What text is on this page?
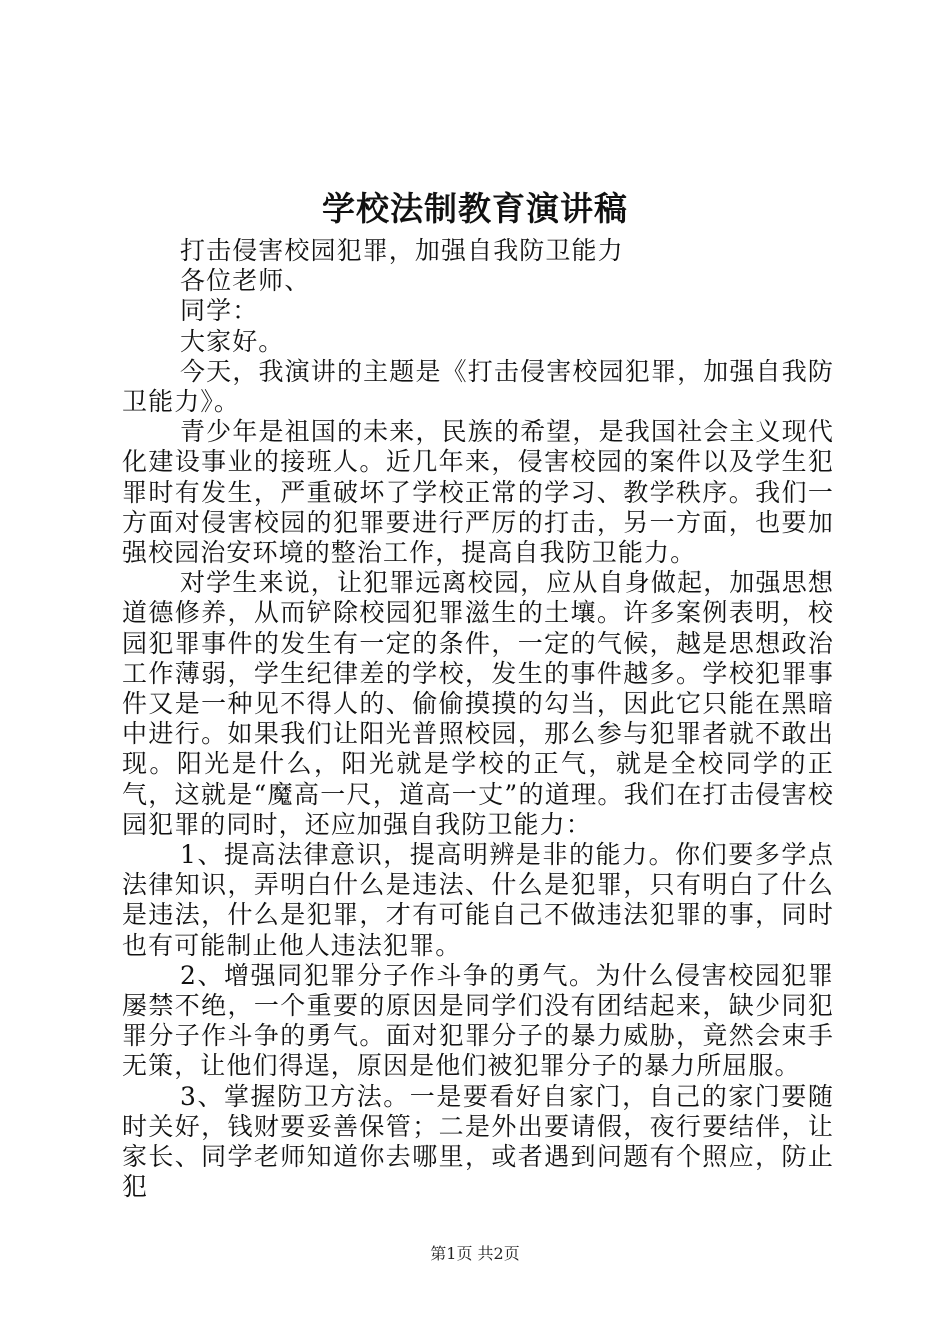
学校法制教育演讲稿

打击侵害校园犯罪，加强自我防卫能力

各位老师、

同学：

大家好。

今天，我演讲的主题是《打击侵害校园犯罪，加强自我防卫能力》。

青少年是祖国的未来，民族的希望，是我国社会主义现代化建设事业的接班人。近几年来，侵害校园的案件以及学生犯罪时有发生，严重破坏了学校正常的学习、教学秩序。我们一方面对侵害校园的犯罪要进行严厉的打击，另一方面，也要加强校园治安环境的整治工作，提高自我防卫能力。

对学生来说，让犯罪远离校园，应从自身做起，加强思想道德修养，从而铲除校园犯罪滋生的土壤。许多案例表明，校园犯罪事件的发生有一定的条件，一定的气候，越是思想政治工作薄弱，学生纪律差的学校，发生的事件越多。学校犯罪事件又是一种见不得人的、偷偷摸摸的勾当，因此它只能在黑暗中进行。如果我们让阳光普照校园，那么参与犯罪者就不敢出现。阳光是什么，阳光就是学校的正气，就是全校同学的正气，这就是“魔高一尺，道高一丈”的道理。我们在打击侵害校园犯罪的同时，还应加强自我防卫能力：

1、提高法律意识，提高明辨是非的能力。你们要多学点法律知识，弄明白什么是违法、什么是犯罪，只有明白了什么是违法，什么是犯罪，才有可能自己不做违法犯罪的事，同时也有可能制止他人违法犯罪。

2、增强同犯罪分子作斗争的勇气。为什么侵害校园犯罪屡禁不绝，一个重要的原因是同学们没有团结起来，缺少同犯罪分子作斗争的勇气。面对犯罪分子的暴力威胁，竟然会束手无策，让他们得逞，原因是他们被犯罪分子的暴力所屈服。

3、掌握防卫方法。一是要看好自家门，自己的家门要随时关好，钱财要妥善保管；二是外出要请假，夜行要结伴，让家长、同学老师知道你去哪里，或者遇到问题有个照应，防止犯

第1页 共2页
